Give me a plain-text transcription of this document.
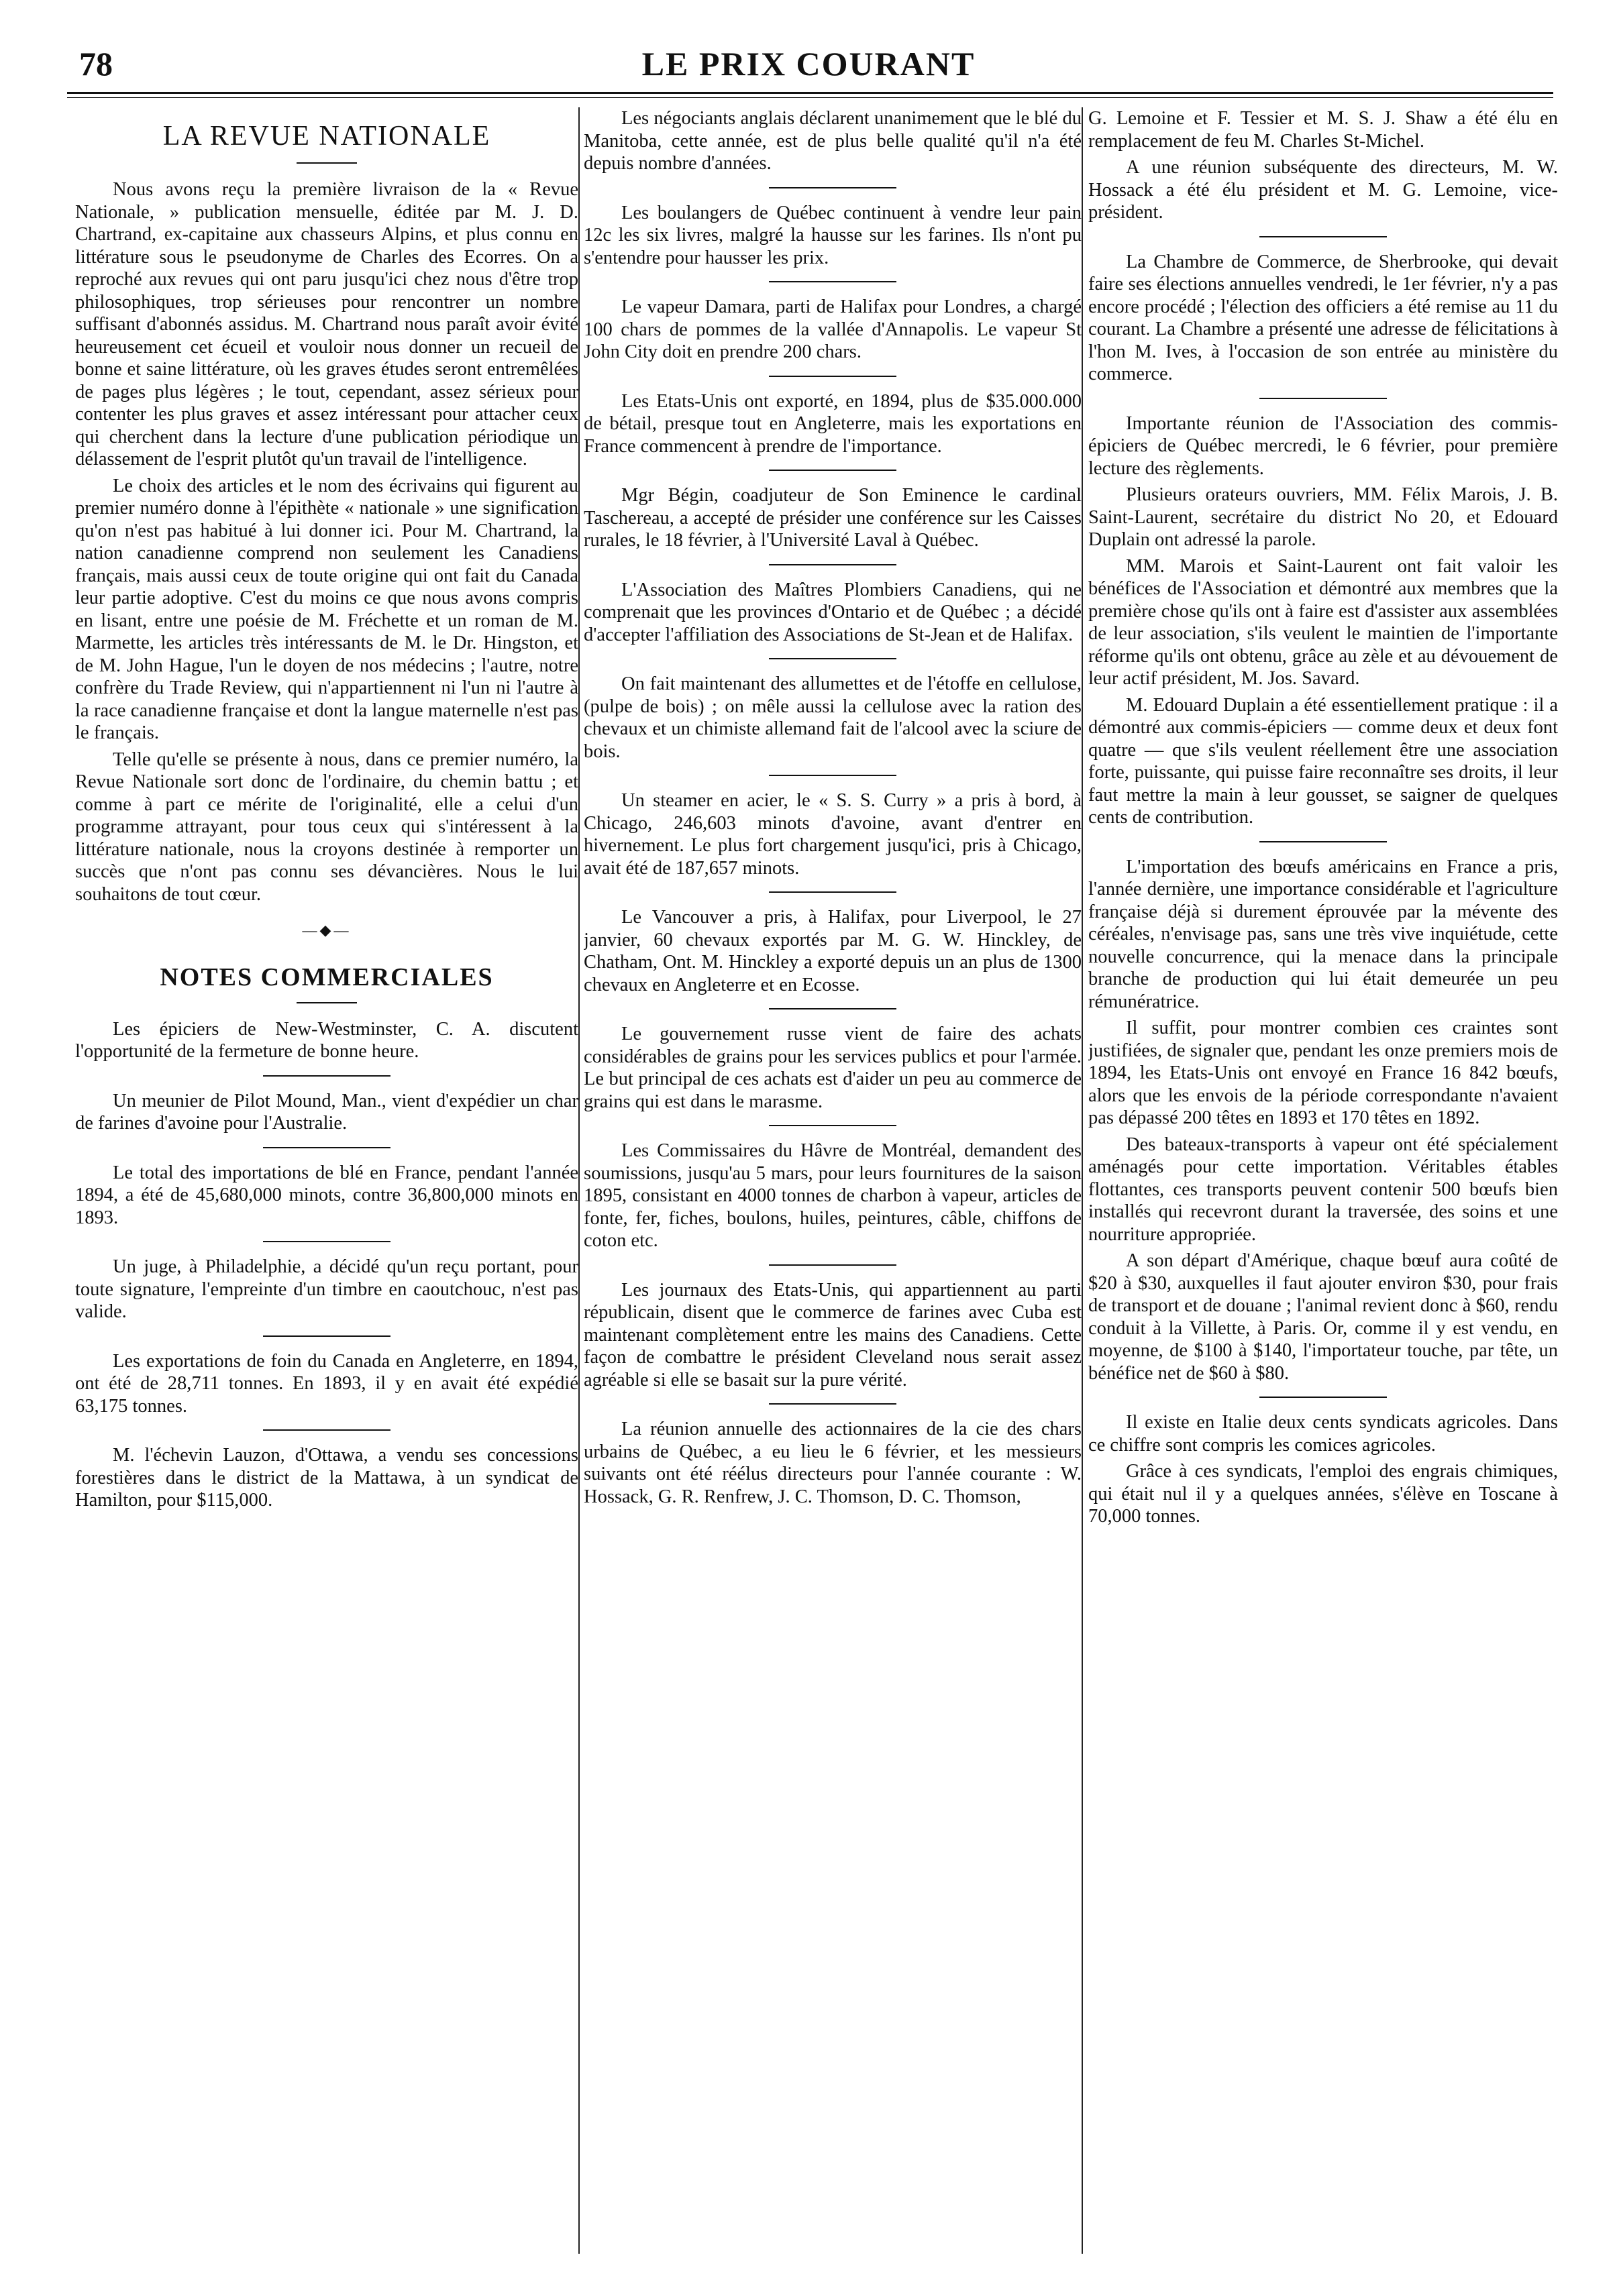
78	LE PRIX COURANT
LA REVUE NATIONALE

Nous avons reçu la première livraison de la « Revue Nationale, » publication mensuelle, éditée par M. J. D. Chartrand, ex-capitaine aux chasseurs Alpins, et plus connu en littérature sous le pseudonyme de Charles des Ecorres. On a reproché aux revues qui ont paru jusqu'ici chez nous d'être trop philosophiques, trop sérieuses pour rencontrer un nombre suffisant d'abonnés assidus. M. Chartrand nous paraît avoir évité heureusement cet écueil et vouloir nous donner un recueil de bonne et saine littérature, où les graves études seront entremêlées de pages plus légères ; le tout, cependant, assez sérieux pour contenter les plus graves et assez intéressant pour attacher ceux qui cherchent dans la lecture d'une publication périodique un délassement de l'esprit plutôt qu'un travail de l'intelligence.

Le choix des articles et le nom des écrivains qui figurent au premier numéro donne à l'épithète « nationale » une signification qu'on n'est pas habitué à lui donner ici. Pour M. Chartrand, la nation canadienne comprend non seulement les Canadiens français, mais aussi ceux de toute origine qui ont fait du Canada leur partie adoptive. C'est du moins ce que nous avons compris en lisant, entre une poésie de M. Fréchette et un roman de M. Marmette, les articles très intéressants de M. le Dr. Hingston, et de M. John Hague, l'un le doyen de nos médecins ; l'autre, notre confrère du Trade Review, qui n'appartiennent ni l'un ni l'autre à la race canadienne française et dont la langue maternelle n'est pas le français.

Telle qu'elle se présente à nous, dans ce premier numéro, la Revue Nationale sort donc de l'ordinaire, du chemin battu ; et comme à part ce mérite de l'originalité, elle a celui d'un programme attrayant, pour tous ceux qui s'intéressent à la littérature nationale, nous la croyons destinée à remporter un succès que n'ont pas connu ses dévancières. Nous le lui souhaitons de tout cœur.

—◆—
NOTES COMMERCIALES

Les épiciers de New-Westminster, C. A. discutent l'opportunité de la fermeture de bonne heure.

Un meunier de Pilot Mound, Man., vient d'expédier un char de farines d'avoine pour l'Australie.

Le total des importations de blé en France, pendant l'année 1894, a été de 45,680,000 minots, contre 36,800,000 minots en 1893.

Un juge, à Philadelphie, a décidé qu'un reçu portant, pour toute signature, l'empreinte d'un timbre en caoutchouc, n'est pas valide.

Les exportations de foin du Canada en Angleterre, en 1894, ont été de 28,711 tonnes. En 1893, il y en avait été expédié 63,175 tonnes.

M. l'échevin Lauzon, d'Ottawa, a vendu ses concessions forestières dans le district de la Mattawa, à un syndicat de Hamilton, pour $115,000.

Les négociants anglais déclarent unanimement que le blé du Manitoba, cette année, est de plus belle qualité qu'il n'a été depuis nombre d'années.

Les boulangers de Québec continuent à vendre leur pain 12c les six livres, malgré la hausse sur les farines. Ils n'ont pu s'entendre pour hausser les prix.

Le vapeur Damara, parti de Halifax pour Londres, a chargé 100 chars de pommes de la vallée d'Annapolis. Le vapeur St John City doit en prendre 200 chars.

Les Etats-Unis ont exporté, en 1894, plus de $35.000.000 de bétail, presque tout en Angleterre, mais les exportations en France commencent à prendre de l'importance.

Mgr Bégin, coadjuteur de Son Eminence le cardinal Taschereau, a accepté de présider une conférence sur les Caisses rurales, le 18 février, à l'Université Laval à Québec.

L'Association des Maîtres Plombiers Canadiens, qui ne comprenait que les provinces d'Ontario et de Québec ; a décidé d'accepter l'affiliation des Associations de St-Jean et de Halifax.

On fait maintenant des allumettes et de l'étoffe en cellulose, (pulpe de bois) ; on mêle aussi la cellulose avec la ration des chevaux et un chimiste allemand fait de l'alcool avec la sciure de bois.

Un steamer en acier, le « S. S. Curry » a pris à bord, à Chicago, 246,603 minots d'avoine, avant d'entrer en hivernement. Le plus fort chargement jusqu'ici, pris à Chicago, avait été de 187,657 minots.

Le Vancouver a pris, à Halifax, pour Liverpool, le 27 janvier, 60 chevaux exportés par M. G. W. Hinckley, de Chatham, Ont. M. Hinckley a exporté depuis un an plus de 1300 chevaux en Angleterre et en Ecosse.

Le gouvernement russe vient de faire des achats considérables de grains pour les services publics et pour l'armée. Le but principal de ces achats est d'aider un peu au commerce de grains qui est dans le marasme.

Les Commissaires du Hâvre de Montréal, demandent des soumissions, jusqu'au 5 mars, pour leurs fournitures de la saison 1895, consistant en 4000 tonnes de charbon à vapeur, articles de fonte, fer, fiches, boulons, huiles, peintures, câble, chiffons de coton etc.

Les journaux des Etats-Unis, qui appartiennent au parti républicain, disent que le commerce de farines avec Cuba est maintenant complètement entre les mains des Canadiens. Cette façon de combattre le président Cleveland nous serait assez agréable si elle se basait sur la pure vérité.

La réunion annuelle des actionnaires de la cie des chars urbains de Québec, a eu lieu le 6 février, et les messieurs suivants ont été réélus directeurs pour l'année courante : W. Hossack, G. R. Renfrew, J. C. Thomson, D. C. Thomson,

G. Lemoine et F. Tessier et M. S. J. Shaw a été élu en remplacement de feu M. Charles St-Michel.

A une réunion subséquente des directeurs, M. W. Hossack a été élu président et M. G. Lemoine, vice-président.

La Chambre de Commerce, de Sherbrooke, qui devait faire ses élections annuelles vendredi, le 1er février, n'y a pas encore procédé ; l'élection des officiers a été remise au 11 du courant. La Chambre a présenté une adresse de félicitations à l'hon M. Ives, à l'occasion de son entrée au ministère du commerce.

Importante réunion de l'Association des commis-épiciers de Québec mercredi, le 6 février, pour première lecture des règlements.

Plusieurs orateurs ouvriers, MM. Félix Marois, J. B. Saint-Laurent, secrétaire du district No 20, et Edouard Duplain ont adressé la parole.

MM. Marois et Saint-Laurent ont fait valoir les bénéfices de l'Association et démontré aux membres que la première chose qu'ils ont à faire est d'assister aux assemblées de leur association, s'ils veulent le maintien de l'importante réforme qu'ils ont obtenu, grâce au zèle et au dévouement de leur actif président, M. Jos. Savard.

M. Edouard Duplain a été essentiellement pratique : il a démontré aux commis-épiciers — comme deux et deux font quatre — que s'ils veulent réellement être une association forte, puissante, qui puisse faire reconnaître ses droits, il leur faut mettre la main à leur gousset, se saigner de quelques cents de contribution.

L'importation des bœufs américains en France a pris, l'année dernière, une importance considérable et l'agriculture française déjà si durement éprouvée par la mévente des céréales, n'envisage pas, sans une très vive inquiétude, cette nouvelle concurrence, qui la menace dans la principale branche de production qui lui était demeurée un peu rémunératrice.

Il suffit, pour montrer combien ces craintes sont justifiées, de signaler que, pendant les onze premiers mois de 1894, les Etats-Unis ont envoyé en France 16 842 bœufs, alors que les envois de la période correspondante n'avaient pas dépassé 200 têtes en 1893 et 170 têtes en 1892.

Des bateaux-transports à vapeur ont été spécialement aménagés pour cette importation. Véritables étables flottantes, ces transports peuvent contenir 500 bœufs bien installés qui recevront durant la traversée, des soins et une nourriture appropriée.

A son départ d'Amérique, chaque bœuf aura coûté de $20 à $30, auxquelles il faut ajouter environ $30, pour frais de transport et de douane ; l'animal revient donc à $60, rendu conduit à la Villette, à Paris. Or, comme il y est vendu, en moyenne, de $100 à $140, l'importateur touche, par tête, un bénéfice net de $60 à $80.

Il existe en Italie deux cents syndicats agricoles. Dans ce chiffre sont compris les comices agricoles.

Grâce à ces syndicats, l'emploi des engrais chimiques, qui était nul il y a quelques années, s'élève en Toscane à 70,000 tonnes.
